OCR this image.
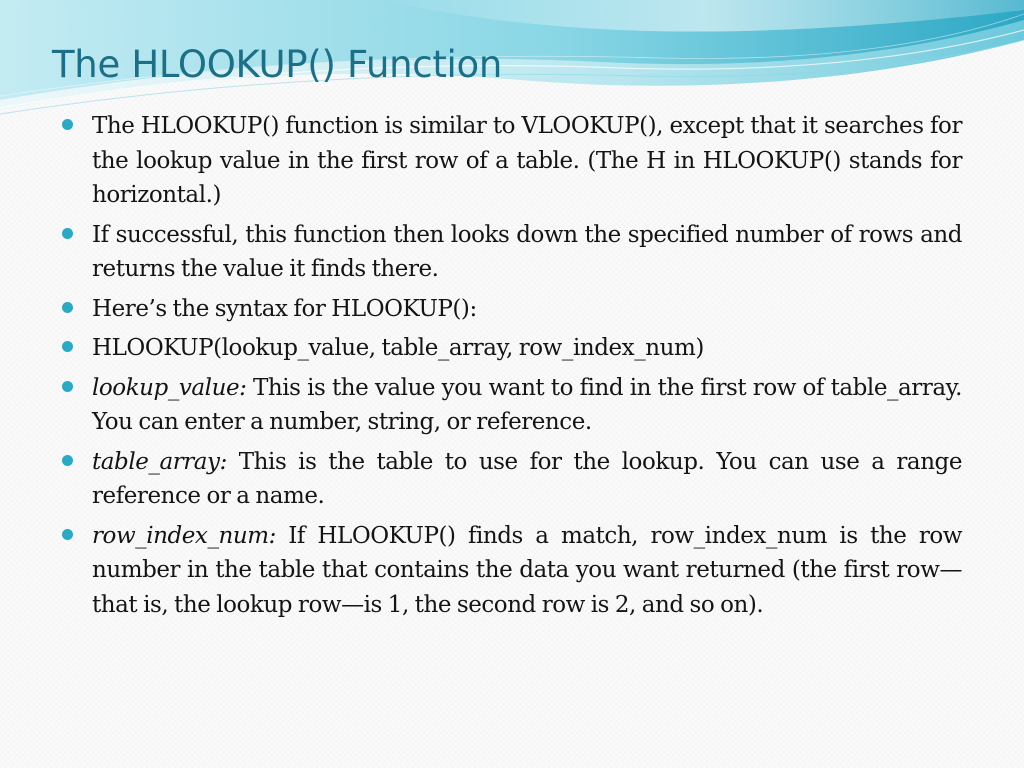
The HLOOKUP() Function
The HLOOKUP() function is similar to VLOOKUP(), except that it searches for the lookup value in the first row of a table. (The H in HLOOKUP() stands for horizontal.)
If successful, this function then looks down the specified number of rows and returns the value it finds there.
Here’s the syntax for HLOOKUP():
HLOOKUP(lookup_value, table_array, row_index_num)
lookup_value: This is the value you want to find in the first row of table_array. You can enter a number, string, or reference.
table_array: This is the table to use for the lookup. You can use a range reference or a name.
row_index_num: If HLOOKUP() finds a match, row_index_num is the row number in the table that contains the data you want returned (the first row—that is, the lookup row—is 1, the second row is 2, and so on).
